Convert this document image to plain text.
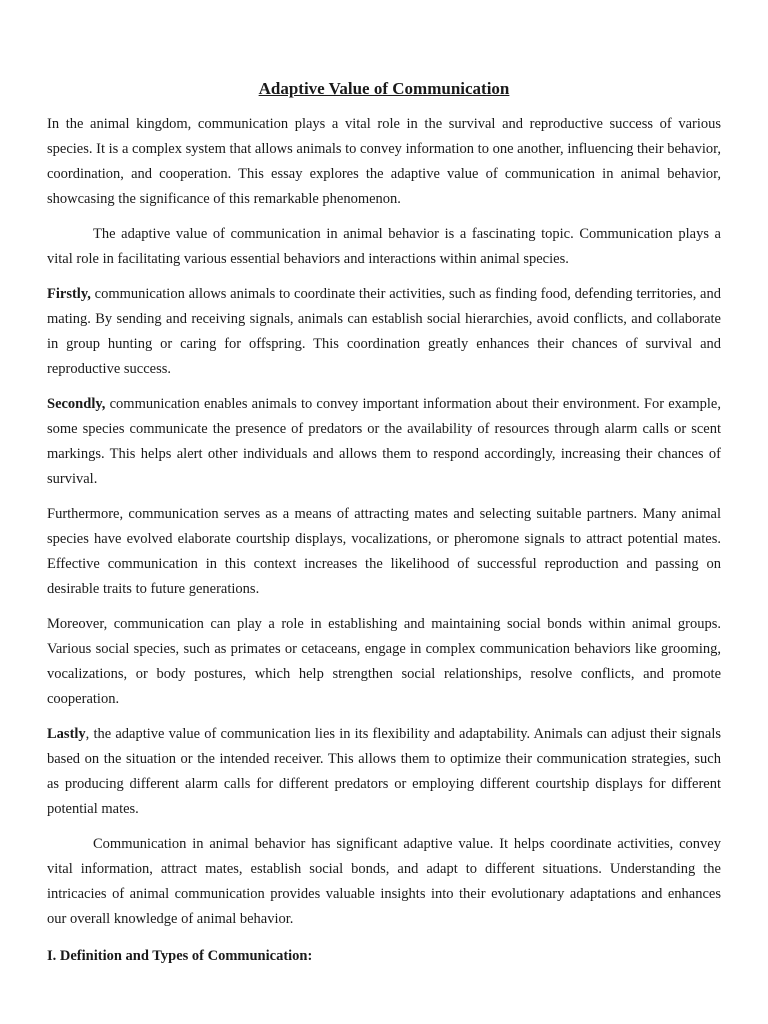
Adaptive Value of Communication

In the animal kingdom, communication plays a vital role in the survival and reproductive success of various species. It is a complex system that allows animals to convey information to one another, influencing their behavior, coordination, and cooperation. This essay explores the adaptive value of communication in animal behavior, showcasing the significance of this remarkable phenomenon.

The adaptive value of communication in animal behavior is a fascinating topic. Communication plays a vital role in facilitating various essential behaviors and interactions within animal species.

Firstly, communication allows animals to coordinate their activities, such as finding food, defending territories, and mating. By sending and receiving signals, animals can establish social hierarchies, avoid conflicts, and collaborate in group hunting or caring for offspring. This coordination greatly enhances their chances of survival and reproductive success.

Secondly, communication enables animals to convey important information about their environment. For example, some species communicate the presence of predators or the availability of resources through alarm calls or scent markings. This helps alert other individuals and allows them to respond accordingly, increasing their chances of survival.

Furthermore, communication serves as a means of attracting mates and selecting suitable partners. Many animal species have evolved elaborate courtship displays, vocalizations, or pheromone signals to attract potential mates. Effective communication in this context increases the likelihood of successful reproduction and passing on desirable traits to future generations.

Moreover, communication can play a role in establishing and maintaining social bonds within animal groups. Various social species, such as primates or cetaceans, engage in complex communication behaviors like grooming, vocalizations, or body postures, which help strengthen social relationships, resolve conflicts, and promote cooperation.

Lastly, the adaptive value of communication lies in its flexibility and adaptability. Animals can adjust their signals based on the situation or the intended receiver. This allows them to optimize their communication strategies, such as producing different alarm calls for different predators or employing different courtship displays for different potential mates.

Communication in animal behavior has significant adaptive value. It helps coordinate activities, convey vital information, attract mates, establish social bonds, and adapt to different situations. Understanding the intricacies of animal communication provides valuable insights into their evolutionary adaptations and enhances our overall knowledge of animal behavior.

I. Definition and Types of Communication:
